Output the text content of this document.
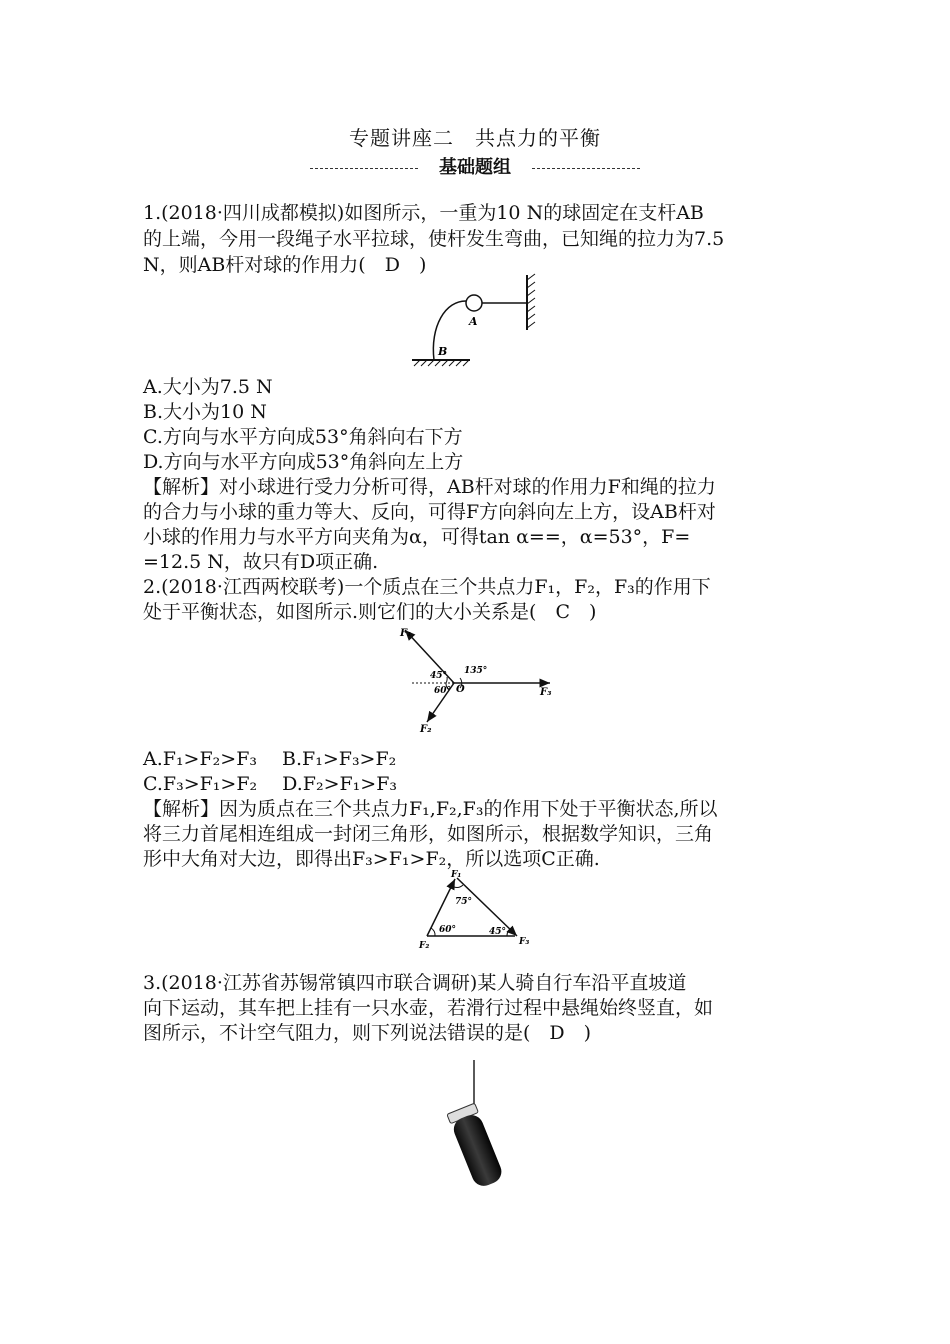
专题讲座二　共点力的平衡
基础题组
1.(2018·四川成都模拟)如图所示，一重为10 N的球固定在支杆AB
的上端，今用一段绳子水平拉球，使杆发生弯曲，已知绳的拉力为7.5
N，则AB杆对球的作用力(　D　)
A
B
A.大小为7.5 N
B.大小为10 N
C.方向与水平方向成53°角斜向右下方
D.方向与水平方向成53°角斜向左上方
【解析】对小球进行受力分析可得，AB杆对球的作用力F和绳的拉力
的合力与小球的重力等大、反向，可得F方向斜向左上方，设AB杆对
小球的作用力与水平方向夹角为α，可得tan α==，α=53°，F=
=12.5 N，故只有D项正确.
2.(2018·江西两校联考)一个质点在三个共点力F₁，F₂，F₃的作用下
处于平衡状态，如图所示.则它们的大小关系是(　C　)
F₁
F₃
F₂
O
45°
60°
135°
A.F₁>F₂>F₃　 B.F₁>F₃>F₂
C.F₃>F₁>F₂　 D.F₂>F₁>F₃
【解析】因为质点在三个共点力F₁,F₂,F₃的作用下处于平衡状态,所以
将三力首尾相连组成一封闭三角形，如图所示，根据数学知识，三角
形中大角对大边，即得出F₃>F₁>F₂，所以选项C正确.
F₁
F₂	F₃
75°
60°	45°
3.(2018·江苏省苏锡常镇四市联合调研)某人骑自行车沿平直坡道
向下运动，其车把上挂有一只水壶，若滑行过程中悬绳始终竖直，如
图所示，不计空气阻力，则下列说法错误的是(　D　)
